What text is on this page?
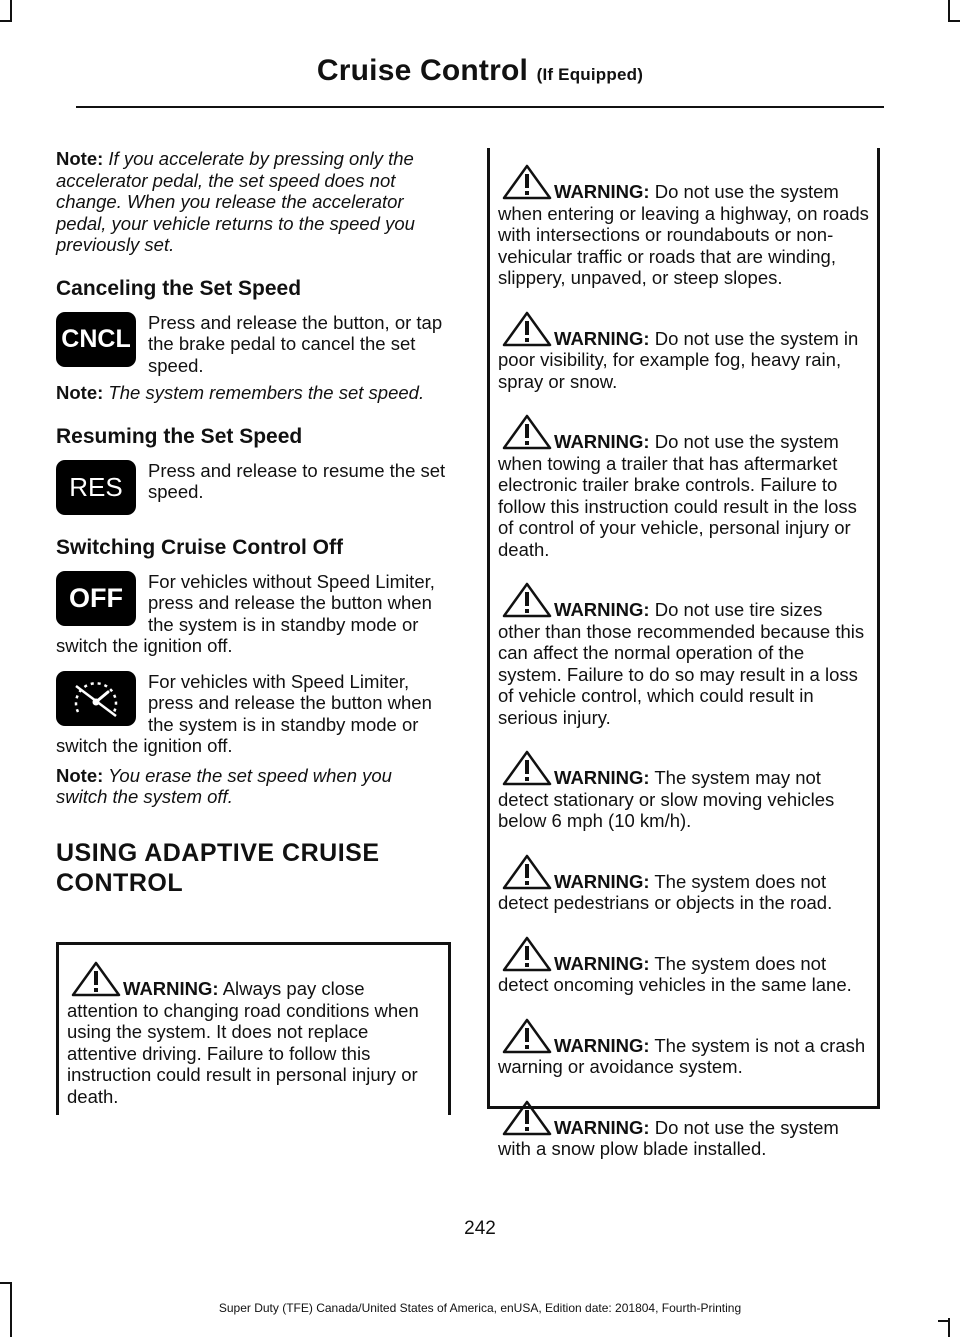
Cruise Control (If Equipped)

Note: If you accelerate by pressing only the accelerator pedal, the set speed does not change. When you release the accelerator pedal, your vehicle returns to the speed you previously set.

Canceling the Set Speed
CNCL

Press and release the button, or tap the brake pedal to cancel the set speed.

Note: The system remembers the set speed.

Resuming the Set Speed
RES

Press and release to resume the set speed.

Switching Cruise Control Off
OFF

For vehicles without Speed Limiter, press and release the button when the system is in standby mode or switch the ignition off.

For vehicles with Speed Limiter, press and release the button when the system is in standby mode or switch the ignition off.

Note: You erase the set speed when you switch the system off.

USING ADAPTIVE CRUISE

CONTROL

WARNING: Always pay close attention to changing road conditions when using the system. It does not replace attentive driving. Failure to follow this instruction could result in personal injury or death.

WARNING: Do not use the system when entering or leaving a highway, on roads with intersections or roundabouts or non-vehicular traffic or roads that are winding, slippery, unpaved, or steep slopes.

WARNING: Do not use the system in poor visibility, for example fog, heavy rain, spray or snow.

WARNING: Do not use the system when towing a trailer that has aftermarket electronic trailer brake controls. Failure to follow this instruction could result in the loss of control of your vehicle, personal injury or death.

WARNING: Do not use tire sizes other than those recommended because this can affect the normal operation of the system. Failure to do so may result in a loss of vehicle control, which could result in serious injury.

WARNING: The system may not detect stationary or slow moving vehicles below 6 mph (10 km/h).

WARNING: The system does not detect pedestrians or objects in the road.

WARNING: The system does not detect oncoming vehicles in the same lane.

WARNING: The system is not a crash warning or avoidance system.

WARNING: Do not use the system with a snow plow blade installed.

242
Super Duty (TFE) Canada/United States of America, enUSA, Edition date: 201804, Fourth-Printing
